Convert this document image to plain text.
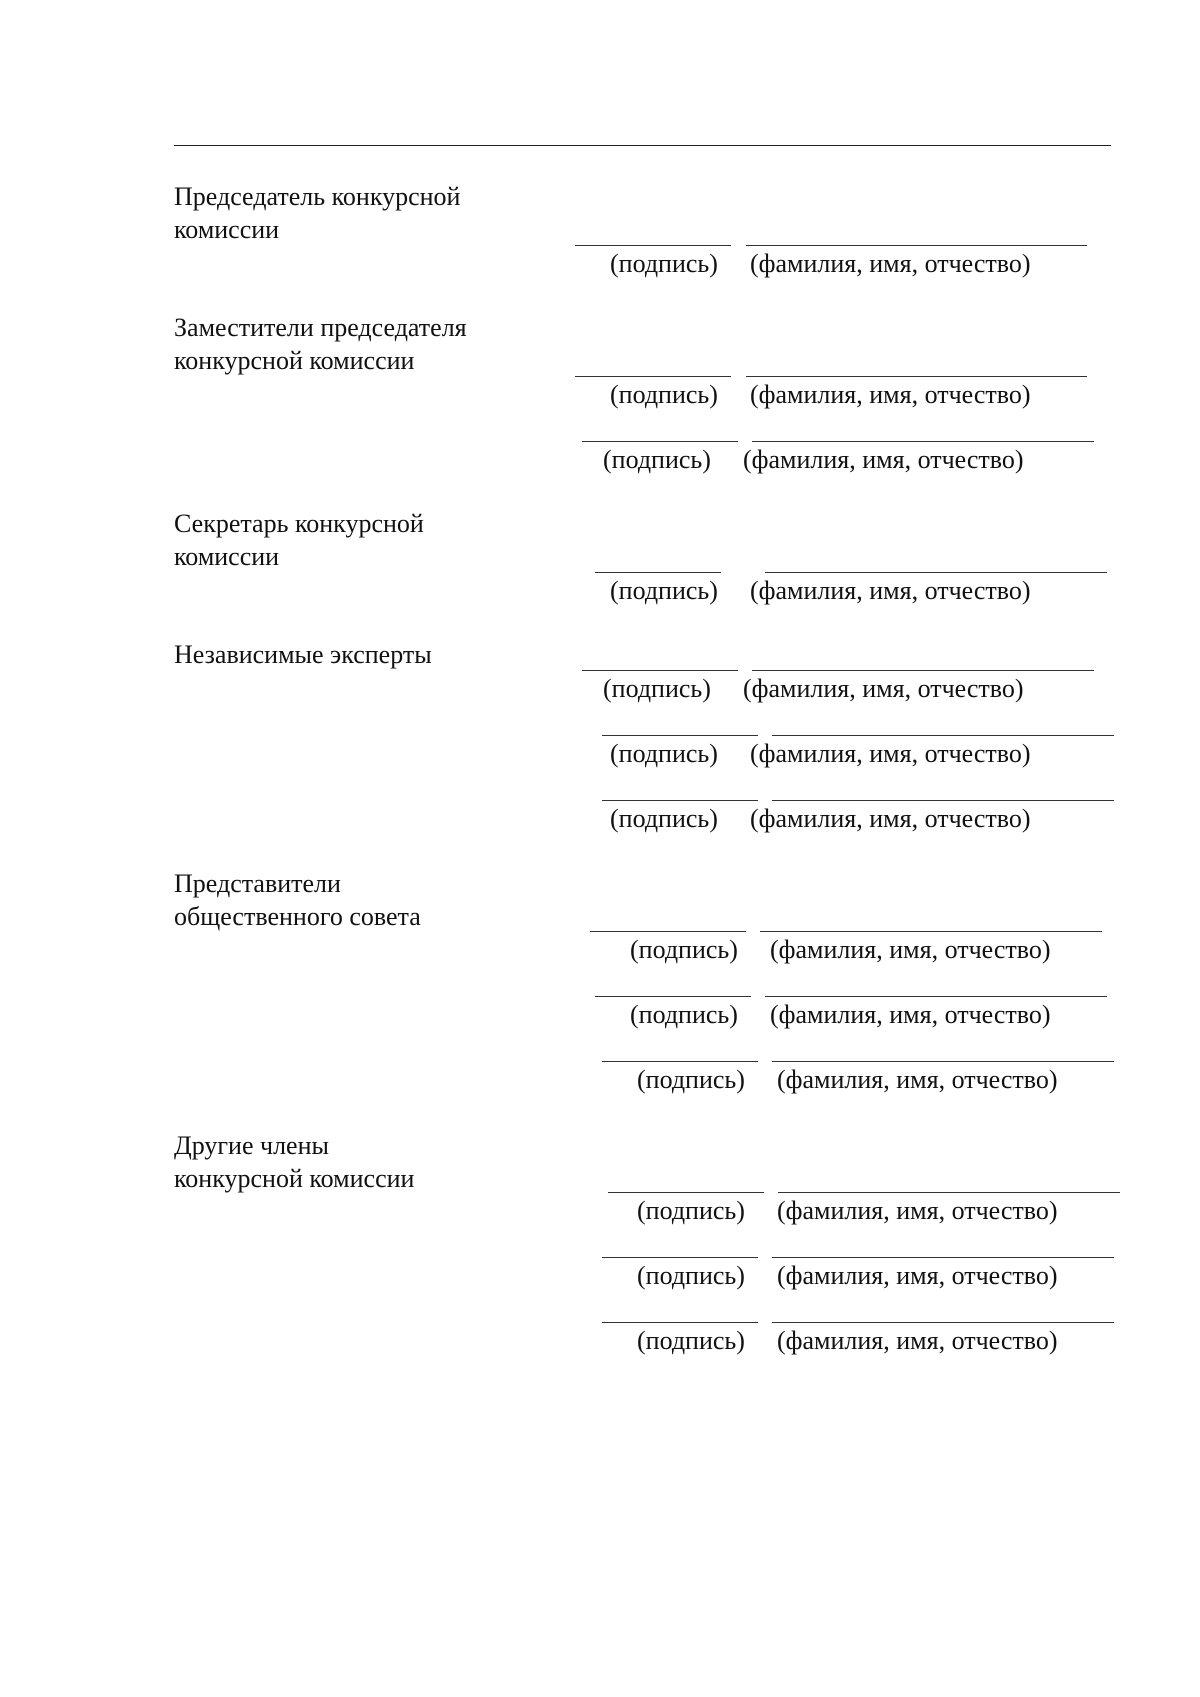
Председатель конкурсной
комиссии
Заместители председателя
конкурсной комиссии
Секретарь конкурсной
комиссии
Независимые эксперты
Представители
общественного совета
Другие члены
конкурсной комиссии
(подпись) (фамилия, имя, отчество)
(подпись) (фамилия, имя, отчество)
(подпись) (фамилия, имя, отчество)
(подпись) (фамилия, имя, отчество)
(подпись) (фамилия, имя, отчество)
(подпись) (фамилия, имя, отчество)
(подпись) (фамилия, имя, отчество)
(подпись) (фамилия, имя, отчество)
(подпись) (фамилия, имя, отчество)
(подпись) (фамилия, имя, отчество)
(подпись) (фамилия, имя, отчество)
(подпись) (фамилия, имя, отчество)
(подпись) (фамилия, имя, отчество)
